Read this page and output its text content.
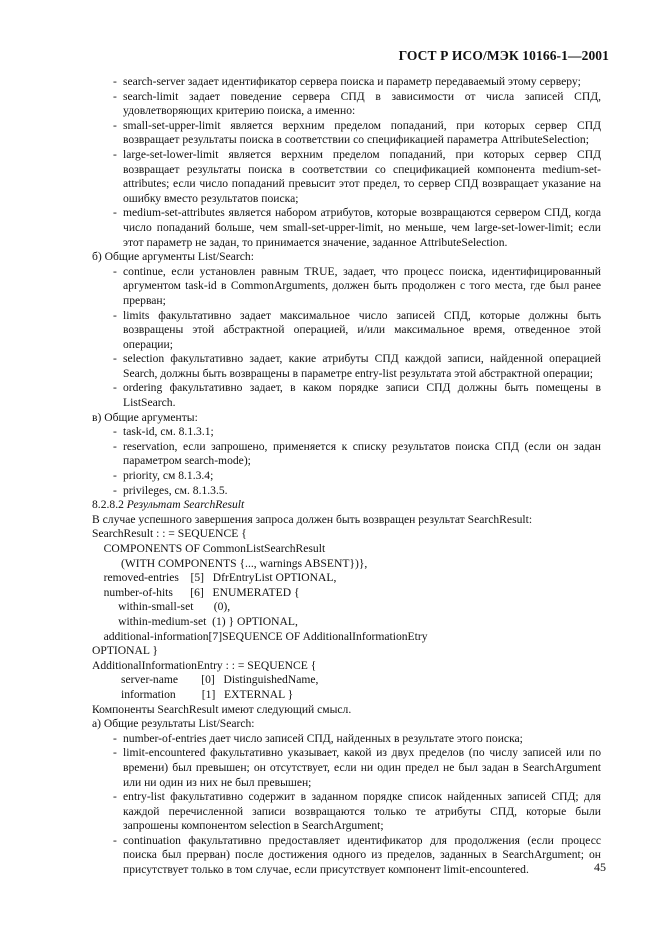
ГОСТ Р ИСО/МЭК 10166-1—2001
- search-server задает идентификатор сервера поиска и параметр передаваемый этому серверу;
- search-limit задает поведение сервера СПД в зависимости от числа записей СПД, удовлетворяющих критерию поиска, а именно:
- small-set-upper-limit является верхним пределом попаданий, при которых сервер СПД возвращает результаты поиска в соответствии со спецификацией параметра AttributeSelection;
- large-set-lower-limit является верхним пределом попаданий, при которых сервер СПД возвращает результаты поиска в соответствии со спецификацией компонента medium-set-attributes; если число попаданий превысит этот предел, то сервер СПД возвращает указание на ошибку вместо результатов поиска;
- medium-set-attributes является набором атрибутов, которые возвращаются сервером СПД, когда число попаданий больше, чем small-set-upper-limit, но меньше, чем large-set-lower-limit; если этот параметр не задан, то принимается значение, заданное AttributeSelection.

б) Общие аргументы List/Search:

- continue, если установлен равным TRUE, задает, что процесс поиска, идентифицированный аргументом task-id в CommonArguments, должен быть продолжен с того места, где был ранее прерван;
- limits факультативно задает максимальное число записей СПД, которые должны быть возвращены этой абстрактной операцией, и/или максимальное время, отведенное этой операции;
- selection факультативно задает, какие атрибуты СПД каждой записи, найденной операцией Search, должны быть возвращены в параметре entry-list результата этой абстрактной операции;
- ordering факультативно задает, в каком порядке записи СПД должны быть помещены в ListSearch.

в) Общие аргументы:

- task-id, см. 8.1.3.1;
- reservation, если запрошено, применяется к списку результатов поиска СПД (если он задан параметром search-mode);
- priority, см 8.1.3.4;
- privileges, см. 8.1.3.5.

8.2.8.2 Результат SearchResult

В случае успешного завершения запроса должен быть возвращен результат SearchResult:

SearchResult : : = SEQUENCE {

COMPONENTS OF CommonListSearchResult

(WITH COMPONENTS {..., warnings ABSENT})},

removed-entries    [5]   DfrEntryList OPTIONAL,

number-of-hits      [6]   ENUMERATED {

within-small-set       (0),

within-medium-set  (1) } OPTIONAL,

additional-information[7]SEQUENCE OF AdditionalInformationEtry

OPTIONAL }

AdditionalInformationEntry : : = SEQUENCE {

server-name        [0]   DistinguishedName,

information         [1]   EXTERNAL }

Компоненты SearchResult имеют следующий смысл.

а) Общие результаты List/Search:

- number-of-entries дает число записей СПД, найденных в результате этого поиска;
- limit-encountered факультативно указывает, какой из двух пределов (по числу записей или по времени) был превышен; он отсутствует, если ни один предел не был задан в SearchArgument или ни один из них не был превышен;
- entry-list факультативно содержит в заданном порядке список найденных записей СПД; для каждой перечисленной записи возвращаются только те атрибуты СПД, которые были запрошены компонентом selection в SearchArgument;
- continuation факультативно предоставляет идентификатор для продолжения (если процесс поиска был прерван) после достижения одного из пределов, заданных в SearchArgument; он присутствует только в том случае, если присутствует компонент limit-encountered.	45
